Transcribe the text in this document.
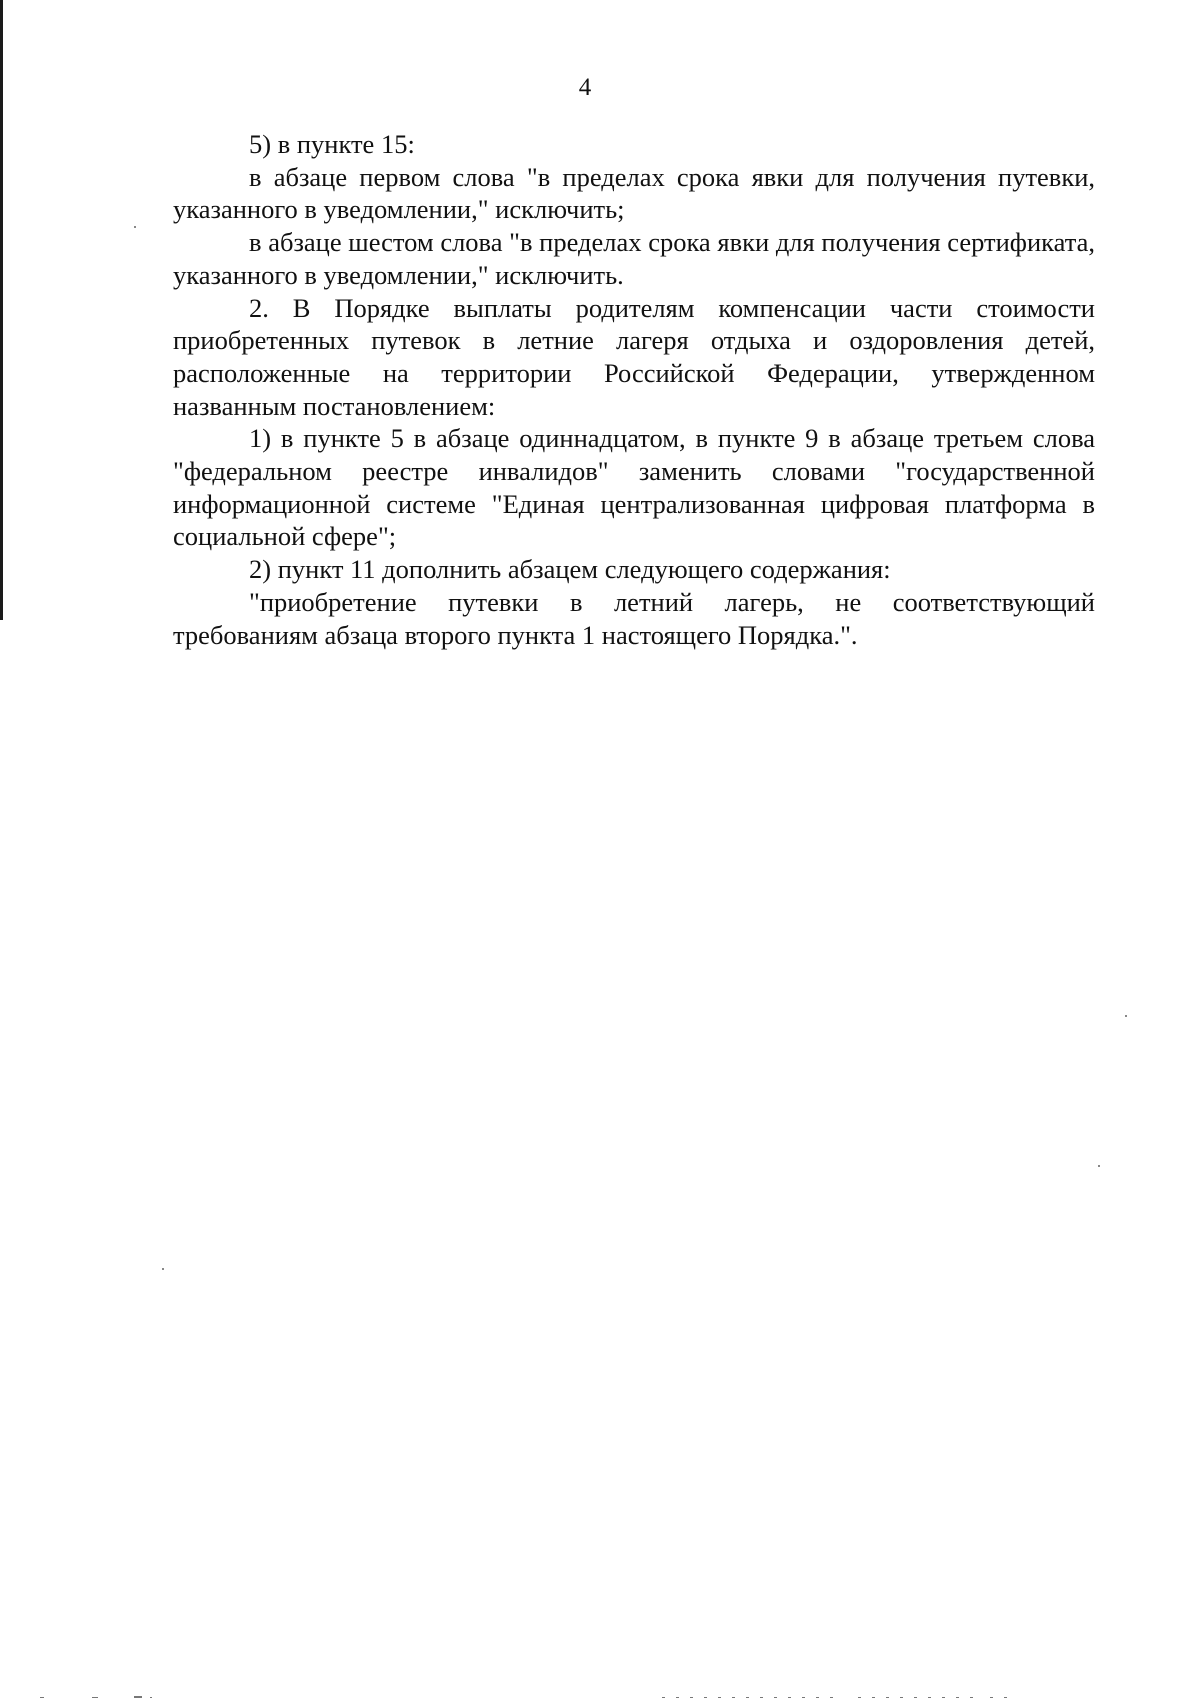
4

5) в пункте 15:

в абзаце первом слова "в пределах срока явки для получения путевки, указанного в уведомлении," исключить;

в абзаце шестом слова "в пределах срока явки для получения сертификата, указанного в уведомлении," исключить.

2. В Порядке выплаты родителям компенсации части стоимости приобретенных путевок в летние лагеря отдыха и оздоровления детей, расположенные на территории Российской Федерации, утвержденном названным постановлением:

1) в пункте 5 в абзаце одиннадцатом, в пункте 9 в абзаце третьем слова "федеральном реестре инвалидов" заменить словами "государственной информационной системе "Единая централизованная цифровая платформа в социальной сфере";

2) пункт 11 дополнить абзацем следующего содержания:

"приобретение путевки в летний лагерь, не соответствующий требованиям абзаца второго пункта 1 настоящего Порядка.".
